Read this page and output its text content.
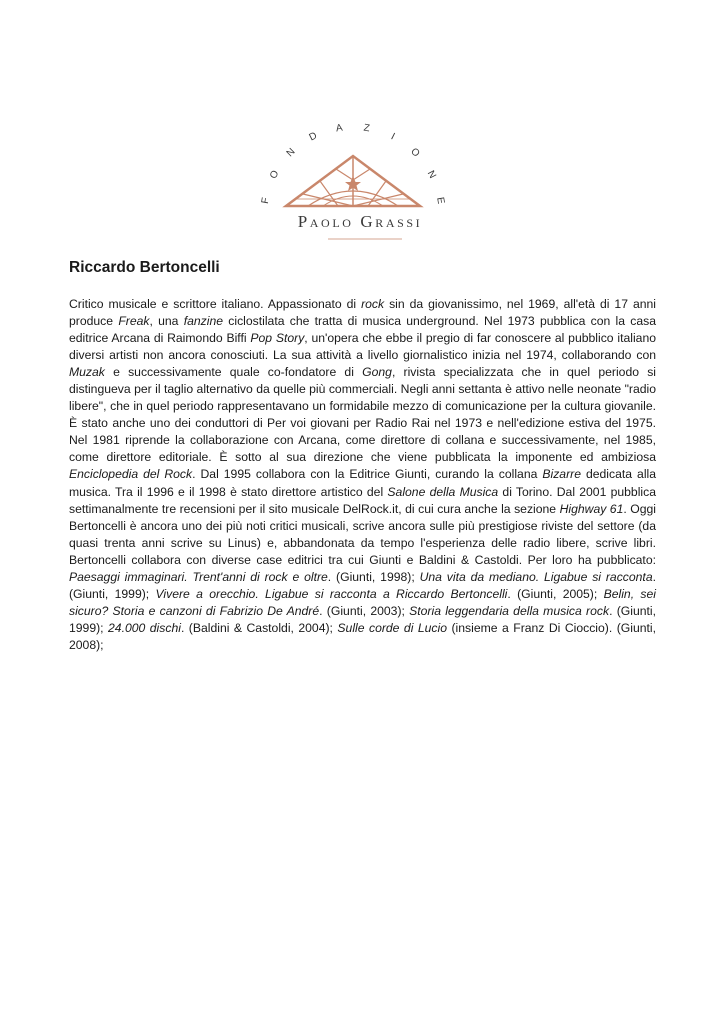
F
O
N
D
A Z
I
O
N
E
Paolo Grassi
Riccardo Bertoncelli

Critico musicale e scrittore italiano. Appassionato di rock sin da giovanissimo, nel 1969, all'età di 17 anni produce Freak, una fanzine ciclostilata che tratta di musica underground. Nel 1973 pubblica con la casa editrice Arcana di Raimondo Biffi Pop Story, un'opera che ebbe il pregio di far conoscere al pubblico italiano diversi artisti non ancora conosciuti. La sua attività a livello giornalistico inizia nel 1974, collaborando con Muzak e successivamente quale co-fondatore di Gong, rivista specializzata che in quel periodo si distingueva per il taglio alternativo da quelle più commerciali. Negli anni settanta è attivo nelle neonate "radio libere", che in quel periodo rappresentavano un formidabile mezzo di comunicazione per la cultura giovanile. È stato anche uno dei conduttori di Per voi giovani per Radio Rai nel 1973 e nell'edizione estiva del 1975. Nel 1981 riprende la collaborazione con Arcana, come direttore di collana e successivamente, nel 1985, come direttore editoriale. È sotto al sua direzione che viene pubblicata la imponente ed ambiziosa Enciclopedia del Rock. Dal 1995 collabora con la Editrice Giunti, curando la collana Bizarre dedicata alla musica. Tra il 1996 e il 1998 è stato direttore artistico del Salone della Musica di Torino. Dal 2001 pubblica settimanalmente tre recensioni per il sito musicale DelRock.it, di cui cura anche la sezione Highway 61. Oggi Bertoncelli è ancora uno dei più noti critici musicali, scrive ancora sulle più prestigiose riviste del settore (da quasi trenta anni scrive su Linus) e, abbandonata da tempo l'esperienza delle radio libere, scrive libri. Bertoncelli collabora con diverse case editrici tra cui Giunti e Baldini & Castoldi. Per loro ha pubblicato: Paesaggi immaginari. Trent'anni di rock e oltre. (Giunti, 1998); Una vita da mediano. Ligabue si racconta. (Giunti, 1999); Vivere a orecchio. Ligabue si racconta a Riccardo Bertoncelli. (Giunti, 2005); Belin, sei sicuro? Storia e canzoni di Fabrizio De André. (Giunti, 2003); Storia leggendaria della musica rock. (Giunti, 1999); 24.000 dischi. (Baldini & Castoldi, 2004); Sulle corde di Lucio (insieme a Franz Di Cioccio). (Giunti, 2008);
